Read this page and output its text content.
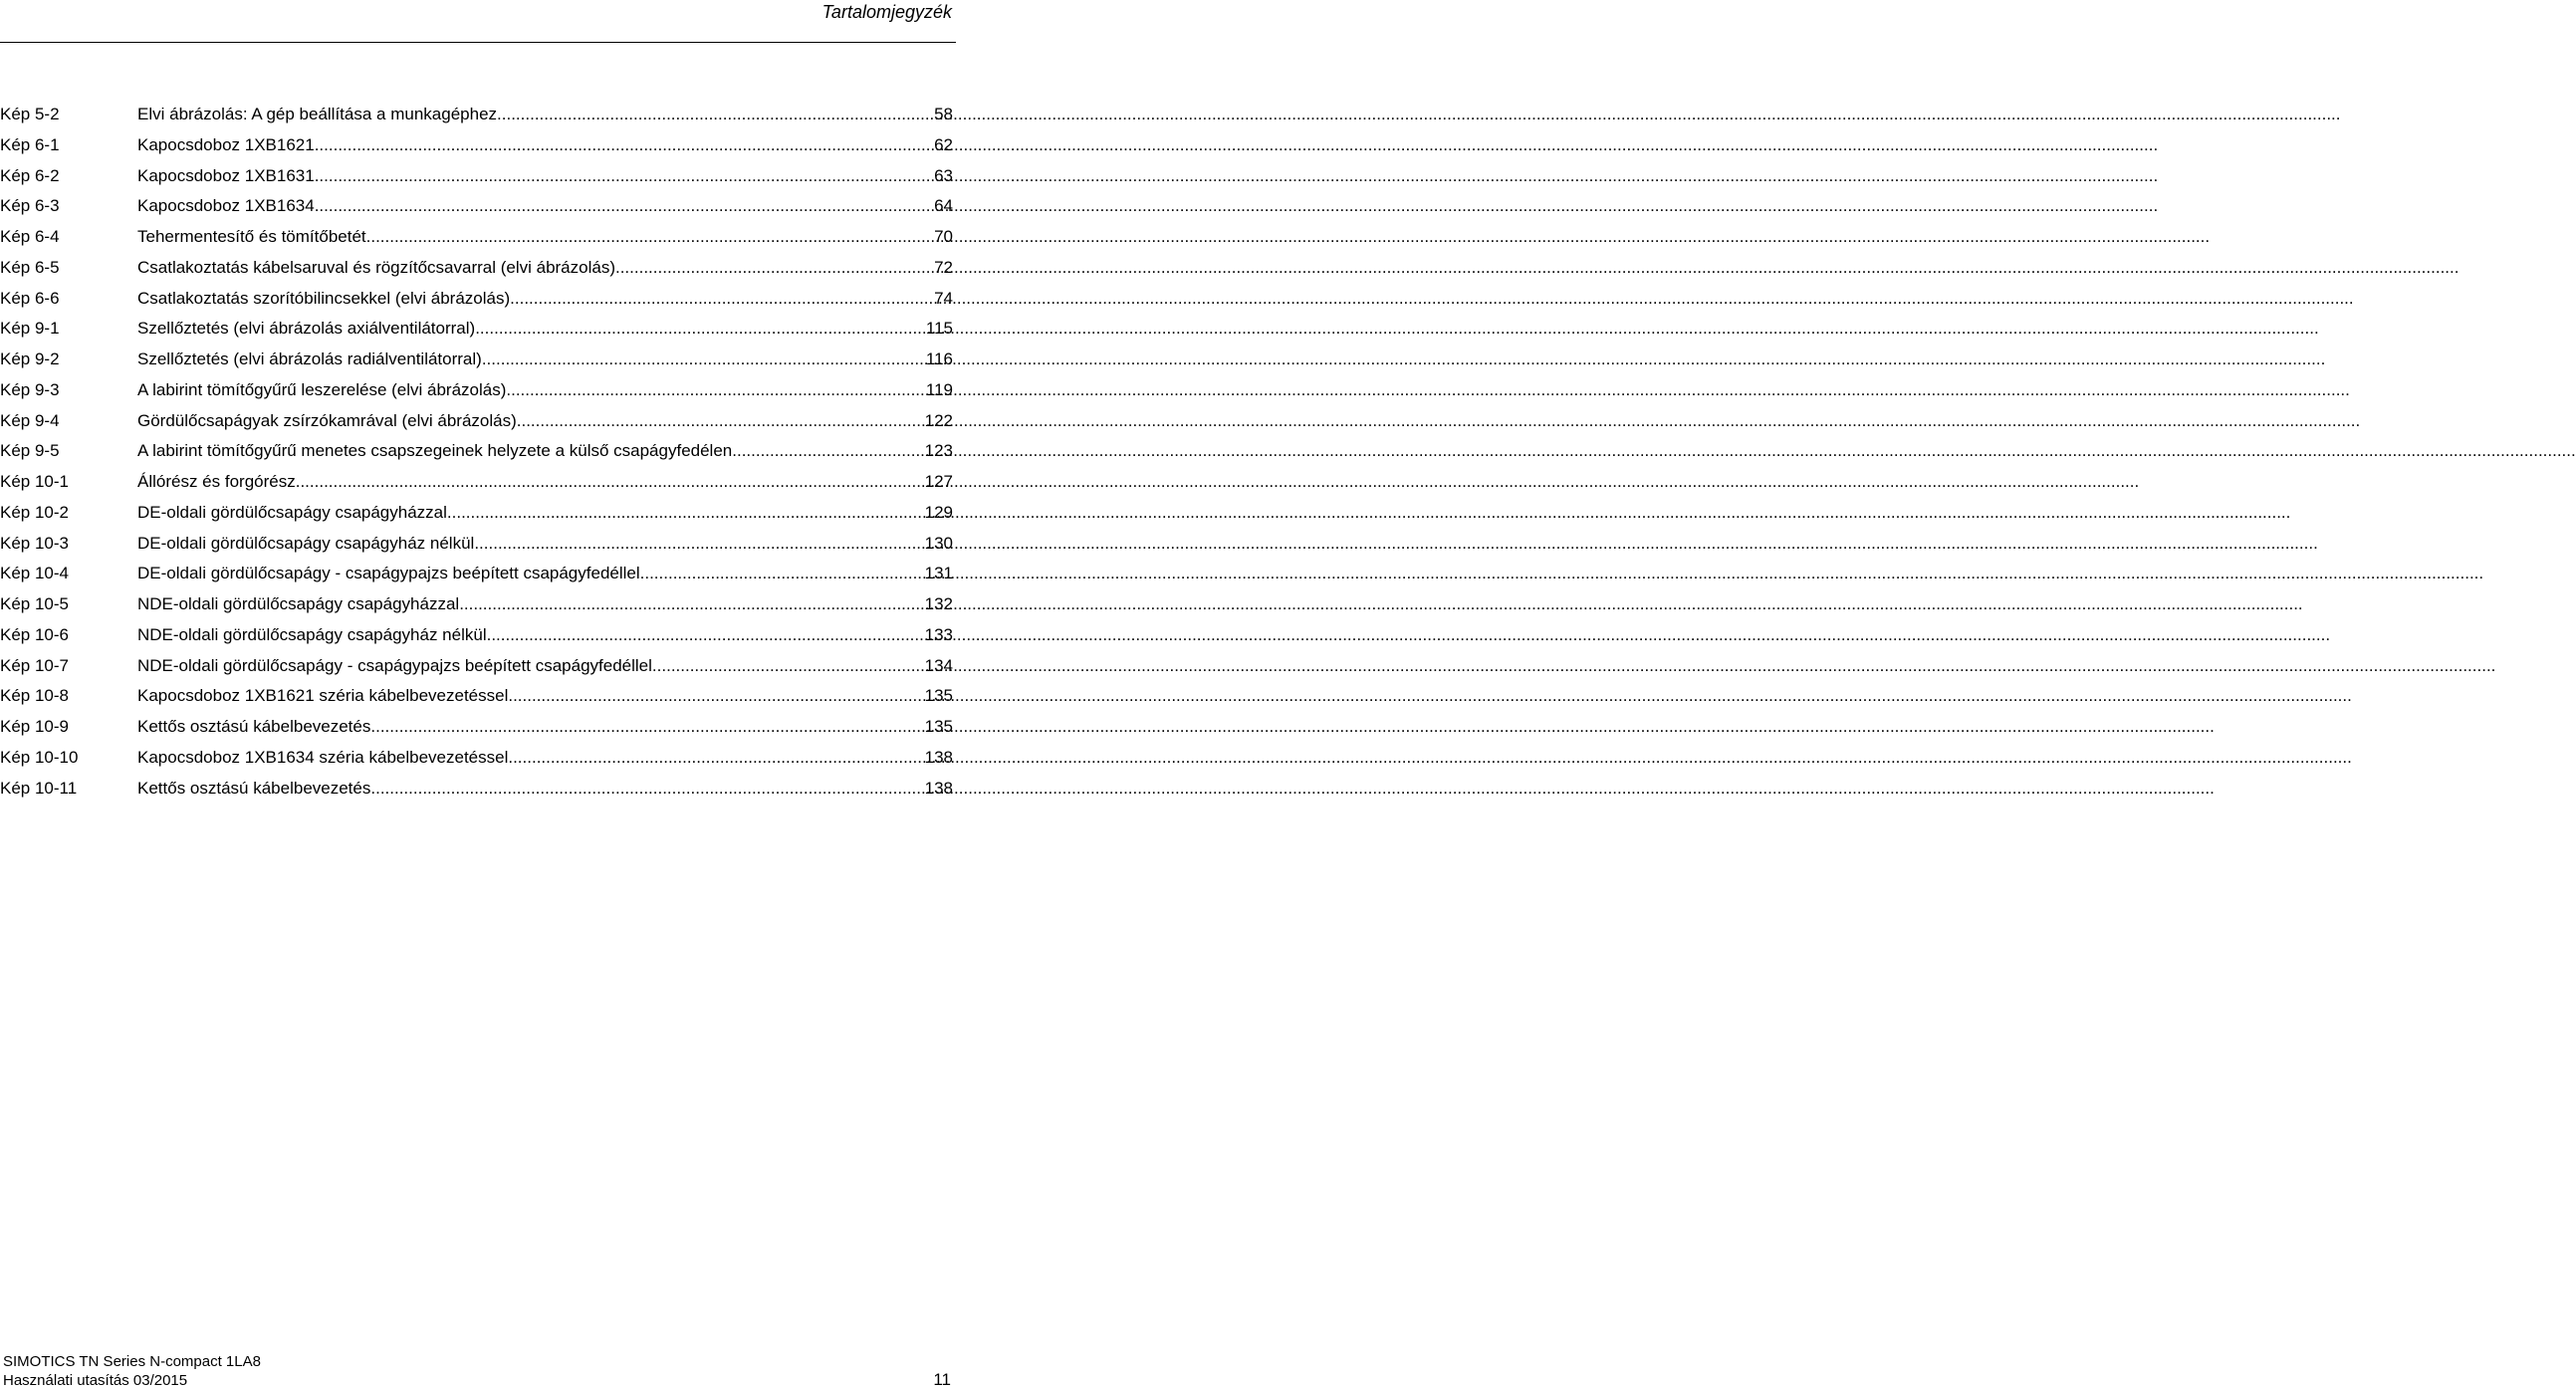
Tartalomjegyzék
Kép 5-2	Elvi ábrázolás: A gép beállítása a munkagéphez .....	58
Kép 6-1	Kapocsdoboz 1XB1621 .....	62
Kép 6-2	Kapocsdoboz 1XB1631 .....	63
Kép 6-3	Kapocsdoboz 1XB1634 .....	64
Kép 6-4	Tehermentesítő és tömítőbetét .....	70
Kép 6-5	Csatlakoztatás kábelsaruval és rögzítőcsavarral (elvi ábrázolás) .....	72
Kép 6-6	Csatlakoztatás szorítóbilincsekkel (elvi ábrázolás) .....	74
Kép 9-1	Szellőztetés (elvi ábrázolás axiálventilátorral) .....	115
Kép 9-2	Szellőztetés (elvi ábrázolás radiálventilátorral) .....	116
Kép 9-3	A labirint tömítőgyűrű leszerelése (elvi ábrázolás) .....	119
Kép 9-4	Gördülőcsapágyak zsírzókamrával (elvi ábrázolás) .....	122
Kép 9-5	A labirint tömítőgyűrű menetes csapszegeinek helyzete a külső csapágyfedélen .....	123
Kép 10-1	Állórész és forgórész .....	127
Kép 10-2	DE-oldali gördülőcsapágy csapágyházzal .....	129
Kép 10-3	DE-oldali gördülőcsapágy csapágyház nélkül .....	130
Kép 10-4	DE-oldali gördülőcsapágy - csapágypajzs beépített csapágyfedéllel .....	131
Kép 10-5	NDE-oldali gördülőcsapágy csapágyházzal .....	132
Kép 10-6	NDE-oldali gördülőcsapágy csapágyház nélkül .....	133
Kép 10-7	NDE-oldali gördülőcsapágy - csapágypajzs beépített csapágyfedéllel .....	134
Kép 10-8	Kapocsdoboz 1XB1621 széria kábelbevezetéssel .....	135
Kép 10-9	Kettős osztású kábelbevezetés .....	135
Kép 10-10	Kapocsdoboz 1XB1634 széria kábelbevezetéssel .....	138
Kép 10-11	Kettős osztású kábelbevezetés .....	138
SIMOTICS TN Series N-compact 1LA8
Használati utasítás 03/2015	11
